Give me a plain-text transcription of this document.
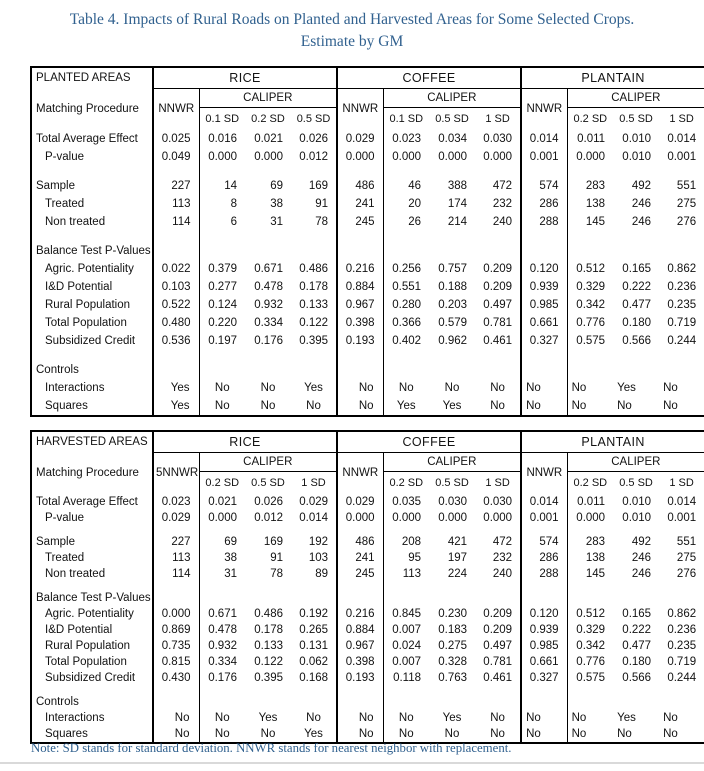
Table 4. Impacts of Rural Roads on Planted and Harvested Areas for Some Selected Crops.
Estimate by GM
PLANTED AREAS	RICE				COFFEE				PLANTAIN			
Matching Procedure	NNWR	CALIPER			NNWR	CALIPER			NNWR	CALIPER		
		0.1 SD	0.2 SD	0.5 SD		0.1 SD	0.5 SD	1 SD		0.2 SD	0.5 SD	1 SD
Total Average Effect	0.025	0.016	0.021	0.026	0.029	0.023	0.034	0.030	0.014	0.011	0.010	0.014
P-value	0.049	0.000	0.000	0.012	0.000	0.000	0.000	0.000	0.001	0.000	0.010	0.001

Sample	227	14	69	169	486	46	388	472	574	283	492	551
Treated	113	8	38	91	241	20	174	232	286	138	246	275
Non treated	114	6	31	78	245	26	214	240	288	145	246	276

Balance Test P-Values												
Agric. Potentiality	0.022	0.379	0.671	0.486	0.216	0.256	0.757	0.209	0.120	0.512	0.165	0.862
I&D Potential	0.103	0.277	0.478	0.178	0.884	0.551	0.188	0.209	0.939	0.329	0.222	0.236
Rural Population	0.522	0.124	0.932	0.133	0.967	0.280	0.203	0.497	0.985	0.342	0.477	0.235
Total Population	0.480	0.220	0.334	0.122	0.398	0.366	0.579	0.781	0.661	0.776	0.180	0.719
Subsidized Credit	0.536	0.197	0.176	0.395	0.193	0.402	0.962	0.461	0.327	0.575	0.566	0.244

Controls												
Interactions	Yes	No	No	Yes	No	No	No	No	No	No	Yes	No
Squares	Yes	No	No	No	No	Yes	Yes	No	No	No	No	No
HARVESTED AREAS	RICE				COFFEE				PLANTAIN			
Matching Procedure	5NNWR	CALIPER			NNWR	CALIPER			NNWR	CALIPER		
		0.2 SD	0.5 SD	1 SD		0.2 SD	0.5 SD	1 SD		0.2 SD	0.5 SD	1 SD
Total Average Effect	0.023	0.021	0.026	0.029	0.029	0.035	0.030	0.030	0.014	0.011	0.010	0.014
P-value	0.029	0.000	0.012	0.014	0.000	0.000	0.000	0.000	0.001	0.000	0.010	0.001

Sample	227	69	169	192	486	208	421	472	574	283	492	551
Treated	113	38	91	103	241	95	197	232	286	138	246	275
Non treated	114	31	78	89	245	113	224	240	288	145	246	276

Balance Test P-Values												
Agric. Potentiality	0.000	0.671	0.486	0.192	0.216	0.845	0.230	0.209	0.120	0.512	0.165	0.862
I&D Potential	0.869	0.478	0.178	0.265	0.884	0.007	0.183	0.209	0.939	0.329	0.222	0.236
Rural Population	0.735	0.932	0.133	0.131	0.967	0.024	0.275	0.497	0.985	0.342	0.477	0.235
Total Population	0.815	0.334	0.122	0.062	0.398	0.007	0.328	0.781	0.661	0.776	0.180	0.719
Subsidized Credit	0.430	0.176	0.395	0.168	0.193	0.118	0.763	0.461	0.327	0.575	0.566	0.244

Controls												
Interactions	No	No	Yes	No	No	No	Yes	No	No	No	Yes	No
Squares	No	No	No	Yes	No	No	No	No	No	No	No	No
Note: SD stands for standard deviation. NNWR stands for nearest neighbor with replacement.
